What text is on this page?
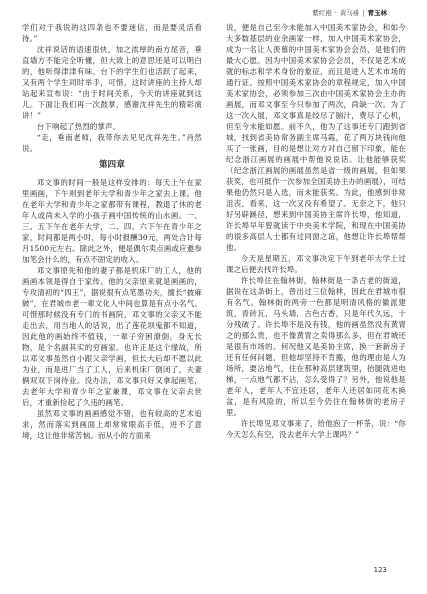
紫红袍 · 黄马褂 | 青玉林

学们对于我说的这四条也不要迷信，而是要灵活看待。”

沈祥说话的语速很快，加之浓厚的南方尾音，垂直墙方不能完全听懂，但大致上的意思还是可以明白的，他听得津津有味。台下的学生们也活跃了起来，又有两个学生同时举手，可惜，这时讲座的主持人却站起来宣布说：“由于时间关系，今天的讲座就到这儿。下面让我们再一次鼓掌，感谢沈祥先生的精彩演讲！”

台下响起了热烈的掌声。

“走，垂南老师，我带你去见见沈祥先生。”肖然说。

第四章

邓文事的时间一般是这样安排的：每天上午在家里画画，下午则到老年大学和青少年之家去上课。他在老年大学和青少年之家都带有课程，教退了休的老年人或尚未入学的小孩子画中国传统的山水画。一、三、五下午在老年大学，二、四、六下午在青少年之家，时间都是两小时，每小时报酬30元，两处合计每月1500元左右。除此之外，便是偶尔卖点画或应邀参加笔会什么的，有点不固定的收入。

邓文事原先和他的妻子都是机床厂的工人，他的画画本领是得自于家传。他的父亲原来就是画画的，专攻清初的“四王”，据说很有点笔墨功夫，擅长“披麻皴”，在君城市老一辈文化人中间也算是有点小名气。可惜那时候没有专门的书画院，邓文事的父亲又不能走出去，用当地人的话说，出了莲花坝鬼都不知道，因此他的画始终不值钱，一辈子穷困潦倒，身无长物，是个名副其实的穷画家。也许正是这个缘故，所以邓文事虽然自小跟父亲学画，但长大后却不愿以此为业，而是进厂当了工人，后来机床厂倒闭了，夫妻俩双双下岗待业。没办法，邓文事只好又拿起画笔，去老年大学和青少年之家兼课，邓文事在父亲去世后，才重新捡起了久违的画笔。

虽然邓文事的画画感觉不错，也有较高的艺术追求，然而落实到画面上却常常眼高手低，进不了意境，这让他非常苦恼。而从小的方面来

说，便是自己至今未能加入中国美术家协会，和如今大多数基层的业余画家一样，加入中国美术家协会，成为一名让人羡慕的中国美术家协会会员，是他们的最大心愿。因为中国美术家协会会员，不仅是艺术成就的标志和学术身份的象征，而且是进入艺术市场的通行证。按照中国美术家协会的章程规定，加入中国美术家协会，必须参加三次由中国美术家协会主办的画展，而邓文事至今只参加了两次，尚缺一次。为了这一次入展，邓文事真是绞尽了脑汁，费尽了心机，但至今未能如愿。前不久，他为了这事还专门跑到省城，找到省美协常务副主席马霞，花了两万块钱向他买了一张画，目的是想让对方对自己留下印象，能在纪念浙江画展的画展中帮他说说话。让他能够获奖（纪念浙江画展的画展虽然是省一级的画展，但如果获奖，也可抵作一次参加全国美协主办的画展），可结果他仍然只是入选，而未能获奖。为此，他感到非常沮丧，看来，这一次又没有希望了。无奈之下，他只好另辟蹊径，想来到中国美协主席许长埠，他知道，许长埠早年曾就读于中央美术学院，和现在中国美协的很多高层人士都有过同窗之谊，他想让许长埠帮帮他。

今天是星期五，邓文事决定下午到老年大学上过课之后便去找许长埠。

许长埠住在翰林街，翰林街是一条古老的街道，据说在这条街上，曾出过三位翰林，因此在君城市很有名气。翰林街的两旁一色都是明清风格的徽派建筑，青砖瓦，马头墙，古色古香，只是年代久远，十分残破了。许长埠不是没有钱，他的画虽然没有黄胄之的那么贵，也不像黄胄之卖得那么多，但在君城还是很有市场的。何况他又是美协主席，换一套新房子还有任何问题，但他却坚持不肯搬，他的理由是人为场所，要沾地气，住在那种高层建筑里，抬腿就进电梯，一点地气都不沾，怎么受得了？另外，他说他是老年人，老年人不宜还居，老年人还居如同花木换盆，是有风险的，所以至今仍住在翰林街的老房子里。

许长埠见邓文事来了，给他泡了一杯茶，说：“你今天怎么有空，没去老年大学上课吗？”

123
